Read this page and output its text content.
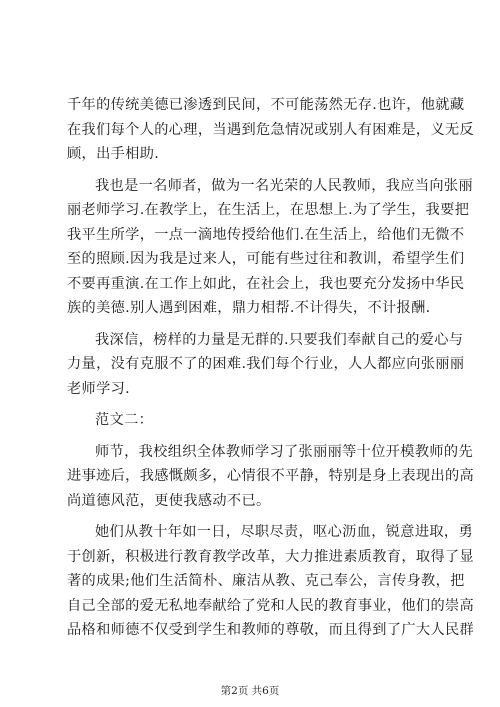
千年的传统美德已渗透到民间，不可能荡然无存.也许，他就藏
在我们每个人的心理，当遇到危急情况或别人有困难是，义无反
顾，出手相助.

我也是一名师者，做为一名光荣的人民教师，我应当向张丽
丽老师学习.在教学上，在生活上，在思想上.为了学生，我要把
我平生所学，一点一滴地传授给他们.在生活上，给他们无微不
至的照顾.因为我是过来人，可能有些过往和教训，希望学生们
不要再重演.在工作上如此，在社会上，我也要充分发扬中华民
族的美德.别人遇到困难，鼎力相帮.不计得失，不计报酬.

我深信，榜样的力量是无群的.只要我们奉献自己的爱心与
力量，没有克服不了的困难.我们每个行业，人人都应向张丽丽
老师学习.

范文二：

师节，我校组织全体教师学习了张丽丽等十位开模教师的先
进事迹后，我感慨颇多，心情很不平静，特别是身上表现出的高
尚道德风范，更使我感动不已。

她们从教十年如一日，尽职尽责，呕心沥血，锐意进取，勇
于创新，积极进行教育教学改革，大力推进素质教育，取得了显
著的成果;他们生活简朴、廉洁从教、克己奉公，言传身教，把
自己全部的爱无私地奉献给了党和人民的教育事业，他们的崇高
品格和师德不仅受到学生和教师的尊敬，而且得到了广大人民群

第2页 共6页
